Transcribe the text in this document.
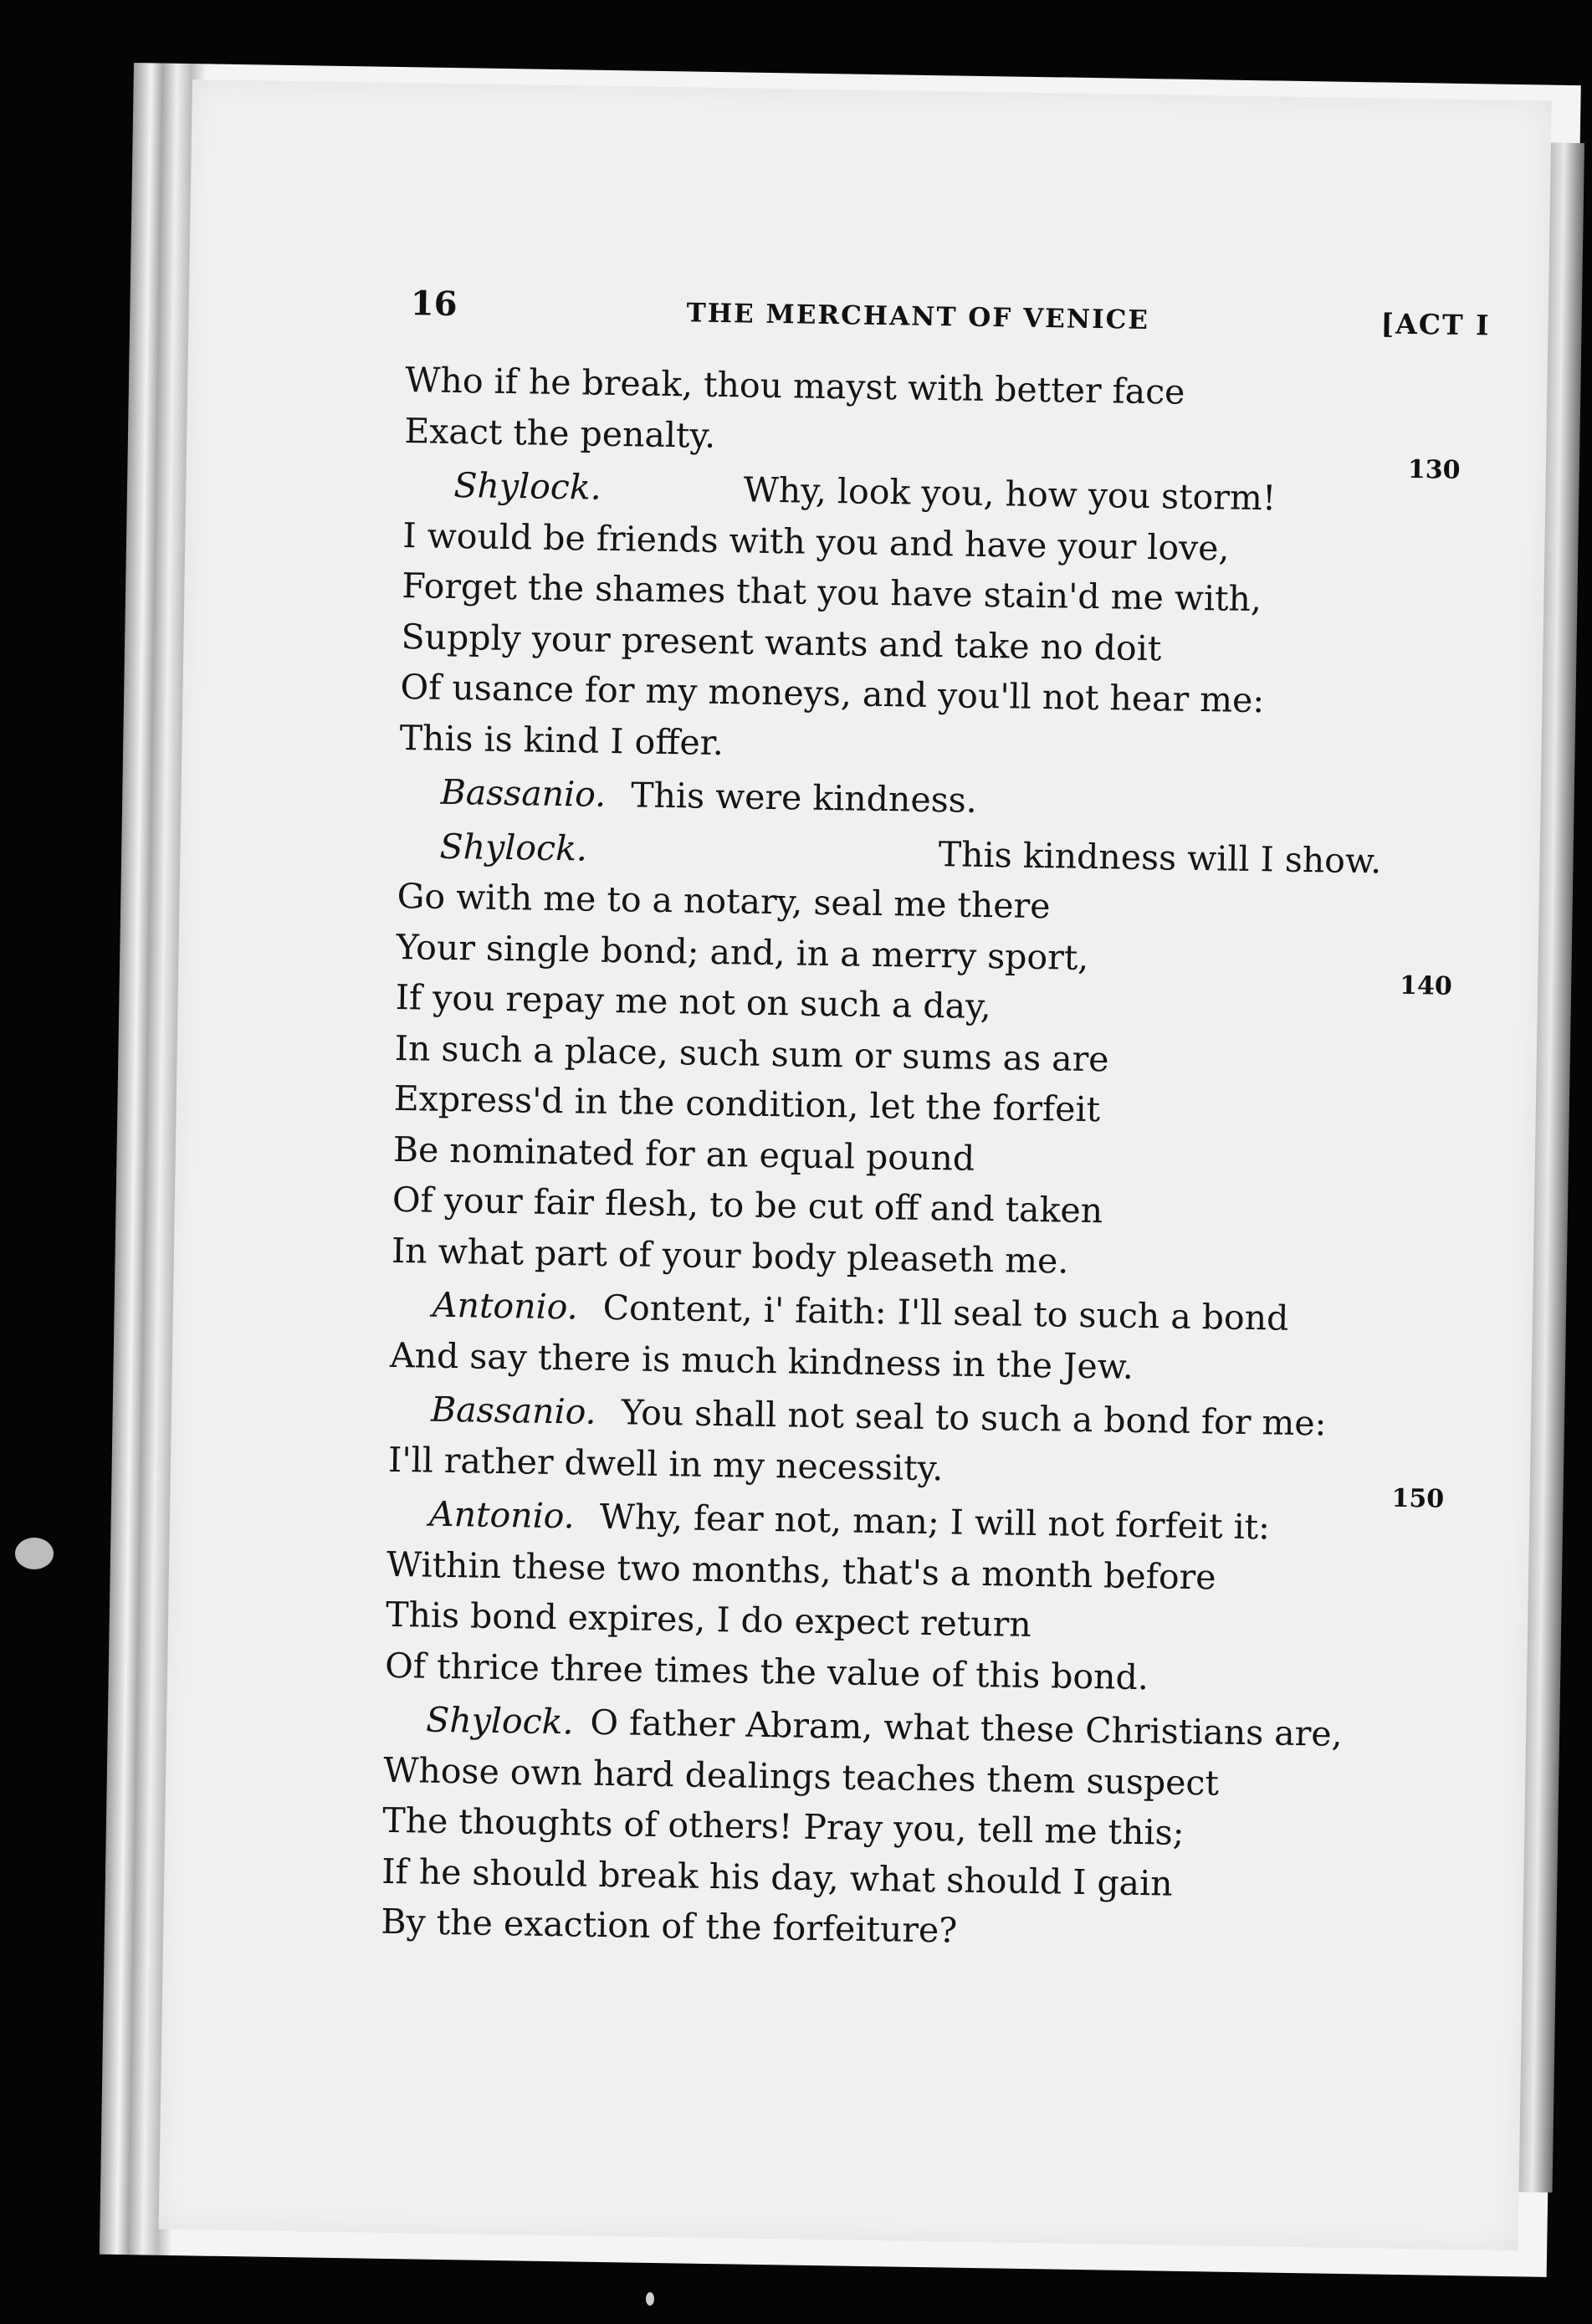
16	THE MERCHANT OF VENICE	[ACT I
Who if he break, thou mayst with better face
Exact the penalty.
130
Shylock.	Why, look you, how you storm!
I would be friends with you and have your love,
Forget the shames that you have stain'd me with,
Supply your present wants and take no doit
Of usance for my moneys, and you'll not hear me:
This is kind I offer.
Bassanio. This were kindness.
Shylock.	This kindness will I show.
Go with me to a notary, seal me there
Your single bond; and, in a merry sport,
140
If you repay me not on such a day,
In such a place, such sum or sums as are
Express'd in the condition, let the forfeit
Be nominated for an equal pound
Of your fair flesh, to be cut off and taken
In what part of your body pleaseth me.
Antonio. Content, i' faith: I'll seal to such a bond
And say there is much kindness in the Jew.
Bassanio. You shall not seal to such a bond for me:
I'll rather dwell in my necessity.
150
Antonio. Why, fear not, man; I will not forfeit it:
Within these two months, that's a month before
This bond expires, I do expect return
Of thrice three times the value of this bond.
Shylock. O father Abram, what these Christians are,
Whose own hard dealings teaches them suspect
The thoughts of others! Pray you, tell me this;
If he should break his day, what should I gain
By the exaction of the forfeiture?
